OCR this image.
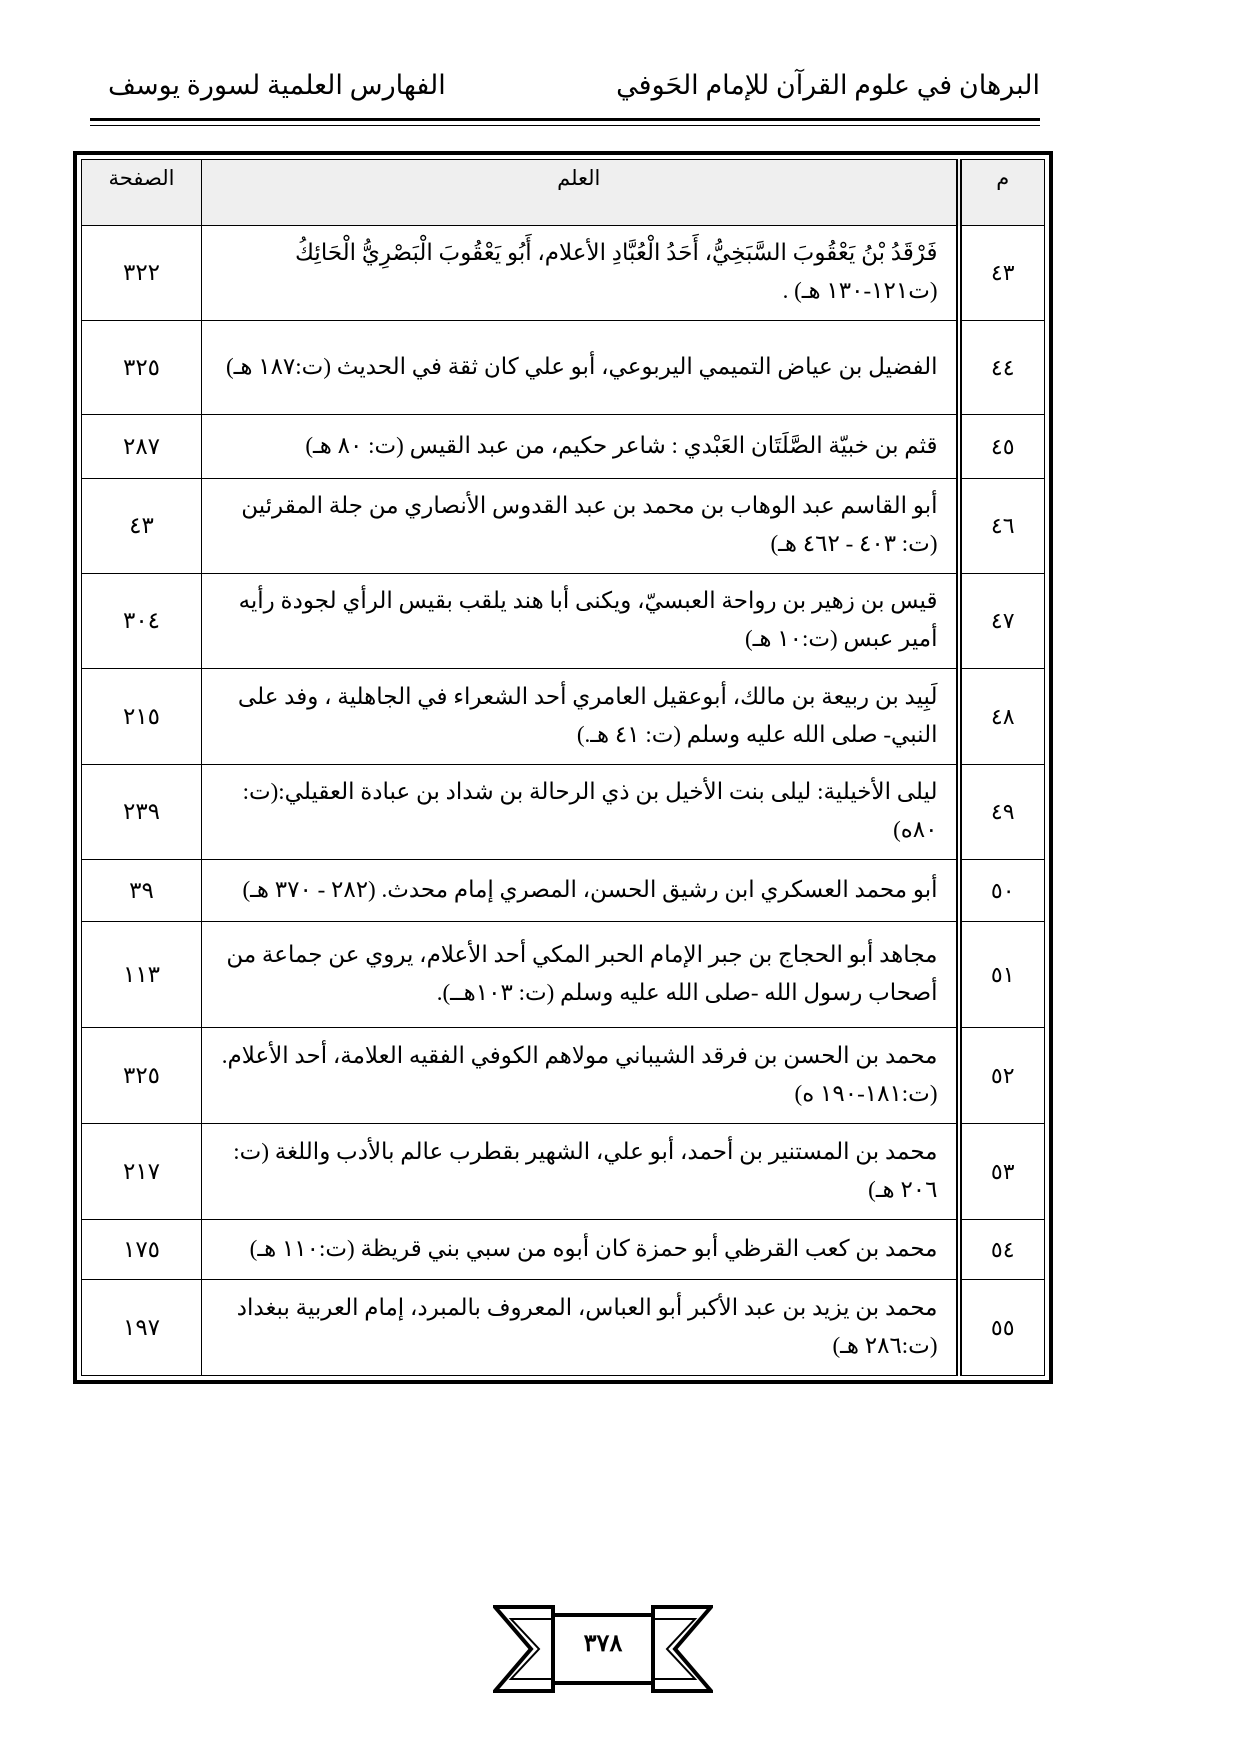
البرهان في علوم القرآن للإمام الحَوفي
الفهارس العلمية لسورة يوسف
م	العلم	الصفحة
٤٣	فَرْقَدُ بْنُ يَعْقُوبَ السَّبَخِيُّ، أَحَدُ الْعُبَّادِ الأعلام، أَبُو يَعْقُوبَ الْبَصْرِيُّ الْحَائِكُ (ت١٢١-١٣٠ هـ) .	٣٢٢
٤٤	الفضيل بن عياض التميمي اليربوعي، أبو علي كان ثقة في الحديث (ت:١٨٧ هـ)	٣٢٥
٤٥	قثم بن خبيّة الصَّلَتَان العَبْدي : شاعر حكيم، من عبد القيس (ت: ٨٠ هـ)	٢٨٧
٤٦	أبو القاسم عبد الوهاب بن محمد بن عبد القدوس الأنصاري من جلة المقرئين (ت: ٤٠٣ - ٤٦٢ هـ)	٤٣
٤٧	قيس بن زهير بن رواحة العبسيّ، ويكنى أبا هند يلقب بقيس الرأي لجودة رأيه أمير عبس (ت:١٠ هـ)	٣٠٤
٤٨	لَبِيد بن ربيعة بن مالك، أبوعقيل العامري أحد الشعراء في الجاهلية ، وفد على النبي- صلى الله عليه وسلم (ت: ٤١ هـ.)	٢١٥
٤٩	ليلى الأخيلية: ليلى بنت الأخيل بن ذي الرحالة بن شداد بن عبادة العقيلي:(ت: ٨٠ه)	٢٣٩
٥٠	أبو محمد العسكري ابن رشيق الحسن، المصري إمام محدث. (٢٨٢ - ٣٧٠ هـ)	٣٩
٥١	مجاهد أبو الحجاج بن جبر الإمام الحبر المكي أحد الأعلام، يروي عن جماعة من أصحاب رسول الله -صلى الله عليه وسلم (ت: ١٠٣هــ).	١١٣
٥٢	محمد بن الحسن بن فرقد الشيباني مولاهم الكوفي الفقيه العلامة، أحد الأعلام. (ت:١٨١-١٩٠ ه)	٣٢٥
٥٣	محمد بن المستنير بن أحمد، أبو علي، الشهير بقطرب عالم بالأدب واللغة (ت: ٢٠٦ هـ)	٢١٧
٥٤	محمد بن كعب القرظي أبو حمزة كان أبوه من سبي بني قريظة (ت:١١٠ هـ)	١٧٥
٥٥	محمد بن يزيد بن عبد الأكبر أبو العباس، المعروف بالمبرد، إمام العربية ببغداد (ت:٢٨٦ هـ)	١٩٧
٣٧٨
